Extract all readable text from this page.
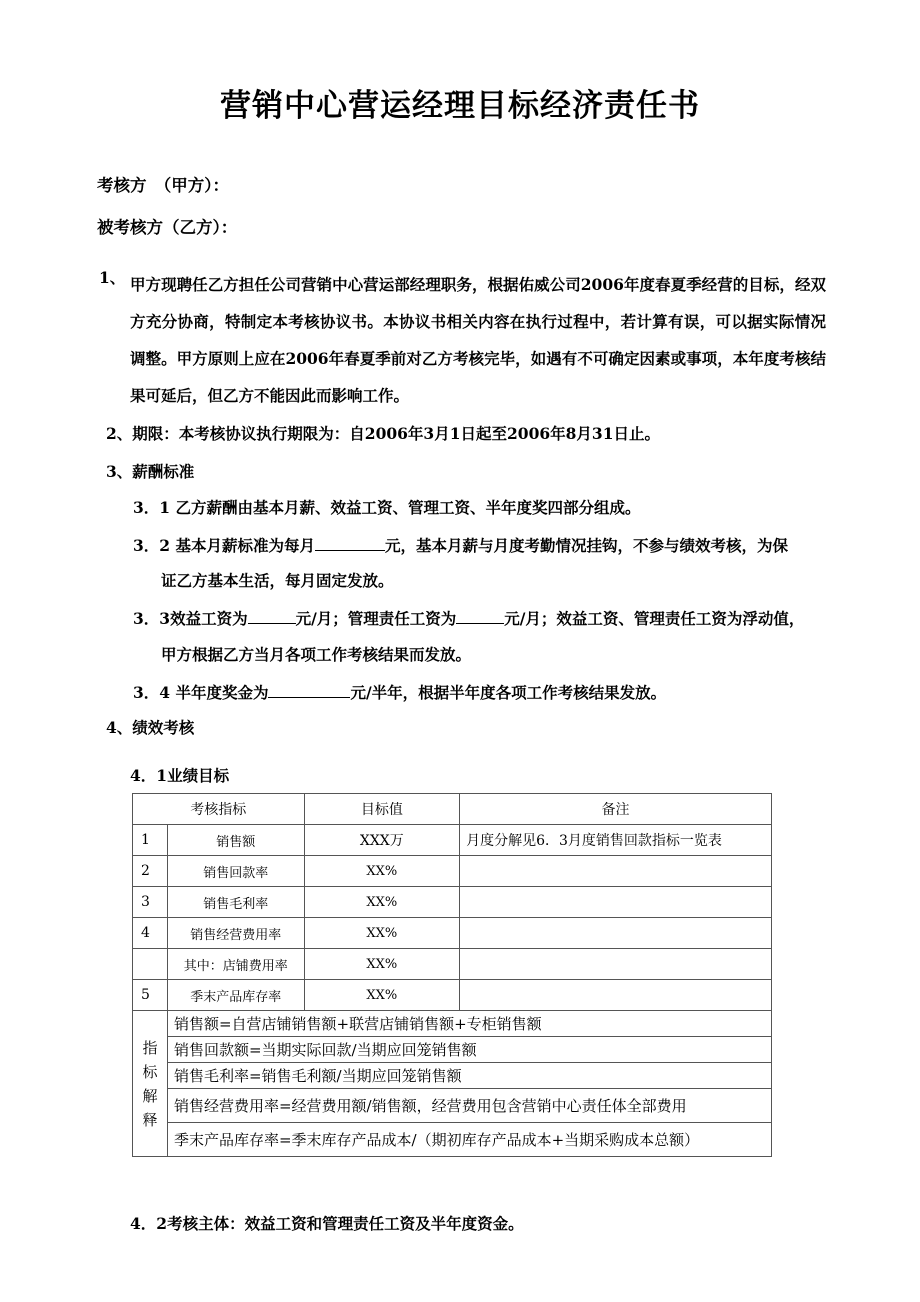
营销中心营运经理目标经济责任书
考核方　（甲方）：
被考核方（乙方）：
1、 甲方现聘任乙方担任公司营销中心营运部经理职务，根据佑威公司2006年度春夏季经营的目标，经双方充分协商，特制定本考核协议书。本协议书相关内容在执行过程中，若计算有误，可以据实际情况调整。甲方原则上应在2006年春夏季前对乙方考核完毕，如遇有不可确定因素或事项，本年度考核结果可延后，但乙方不能因此而影响工作。
2、期限：本考核协议执行期限为：自2006年3月1日起至2006年8月31日止。
3、薪酬标准
3．1 乙方薪酬由基本月薪、效益工资、管理工资、半年度奖四部分组成。
3．2 基本月薪标准为每月	元，基本月薪与月度考勤情况挂钩，不参与绩效考核，为保
证乙方基本生活，每月固定发放。
3．3效益工资为	元/月；管理责任工资为	元/月；效益工资、管理责任工资为浮动值，
甲方根据乙方当月各项工作考核结果而发放。
3．4 半年度奖金为	元/半年，根据半年度各项工作考核结果发放。
4、绩效考核
4．1业绩目标
考核指标		目标值	备注
1	销售额	XXX万	月度分解见6．3月度销售回款指标一览表
2	销售回款率	XX%	
3	销售毛利率	XX%	
4	销售经营费用率	XX%	
	其中：店铺费用率	XX%	
5	季末产品库存率	XX%	
指
标
解
释	销售额=自营店铺销售额+联营店铺销售额+专柜销售额		
	销售回款额=当期实际回款/当期应回笼销售额		
	销售毛利率=销售毛利额/当期应回笼销售额		
	销售经营费用率=经营费用额/销售额，经营费用包含营销中心责任体全部费用		
	季末产品库存率=季末库存产品成本/（期初库存产品成本+当期采购成本总额）		
4．2考核主体：效益工资和管理责任工资及半年度资金。
